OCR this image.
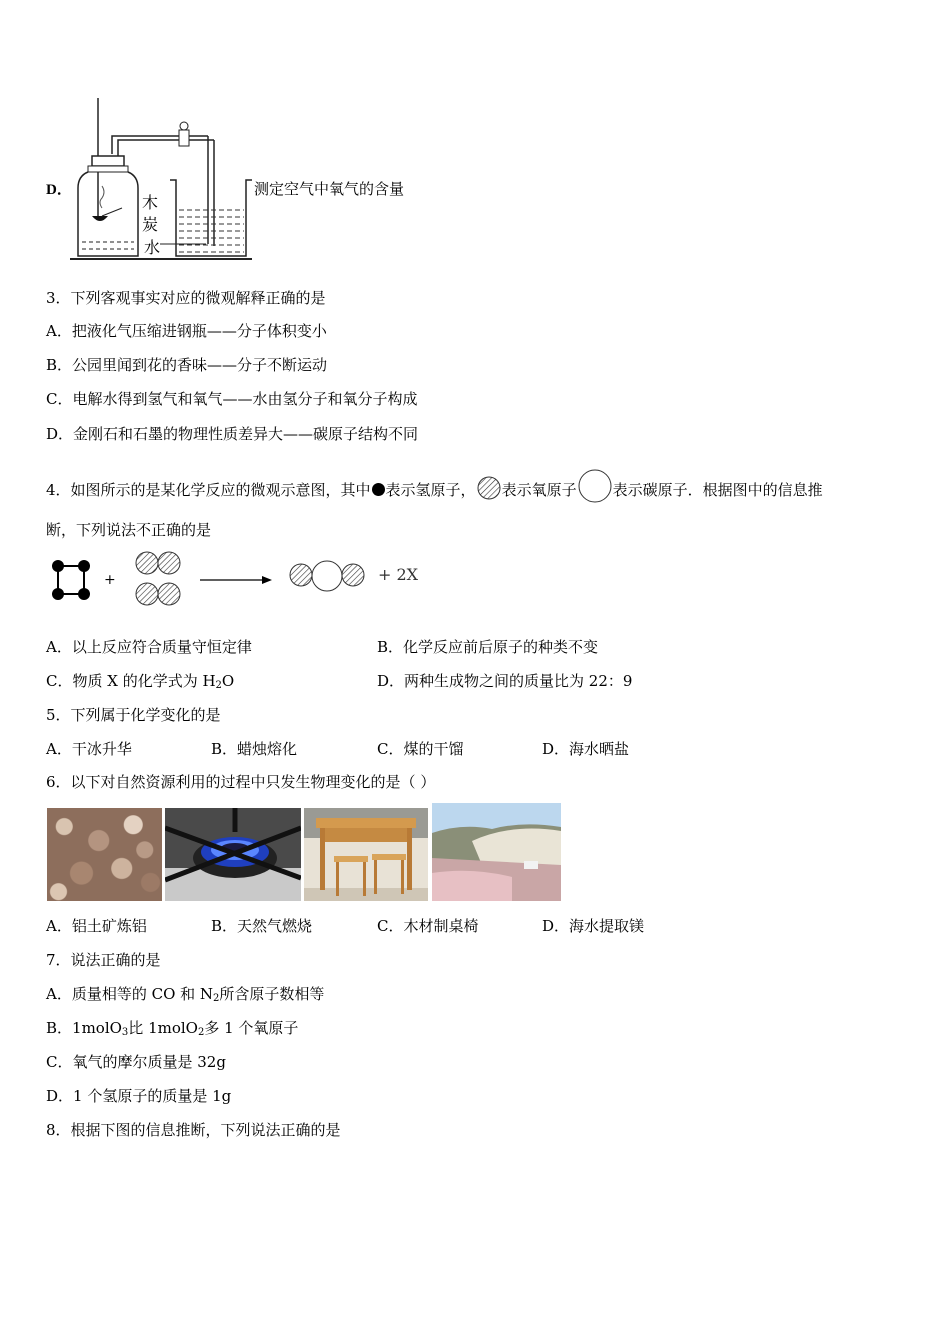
D．
木
炭
水
测定空气中氧气的含量
3．下列客观事实对应的微观解释正确的是
A．把液化气压缩进钢瓶——分子体积变小
B．公园里闻到花的香味——分子不断运动
C．电解水得到氢气和氧气——水由氢分子和氧分子构成
D．金刚石和石墨的物理性质差异大——碳原子结构不同
4．如图所示的是某化学反应的微观示意图，其中 表示氢原子， 表示氧原子 表示碳原子．根据图中的信息推
断，下列说法不正确的是
+	+ 2X
A．以上反应符合质量守恒定律	B．化学反应前后原子的种类不变
C．物质 X 的化学式为 $H_2O$	D．两种生成物之间的质量比为 22：9
5．下列属于化学变化的是
A．干冰升华	B．蜡烛熔化	C．煤的干馏	D．海水晒盐
6．以下对自然资源利用的过程中只发生物理变化的是（ ）
A．铝土矿炼铝	B．天然气燃烧	C．木材制桌椅	D．海水提取镁
7．说法正确的是
A．质量相等的 CO 和 $N_2$所含原子数相等
B．1molO$_3$比 1molO$_2$多 1 个氧原子
C．氧气的摩尔质量是 32g
D．1 个氢原子的质量是 1g
8．根据下图的信息推断，下列说法正确的是
